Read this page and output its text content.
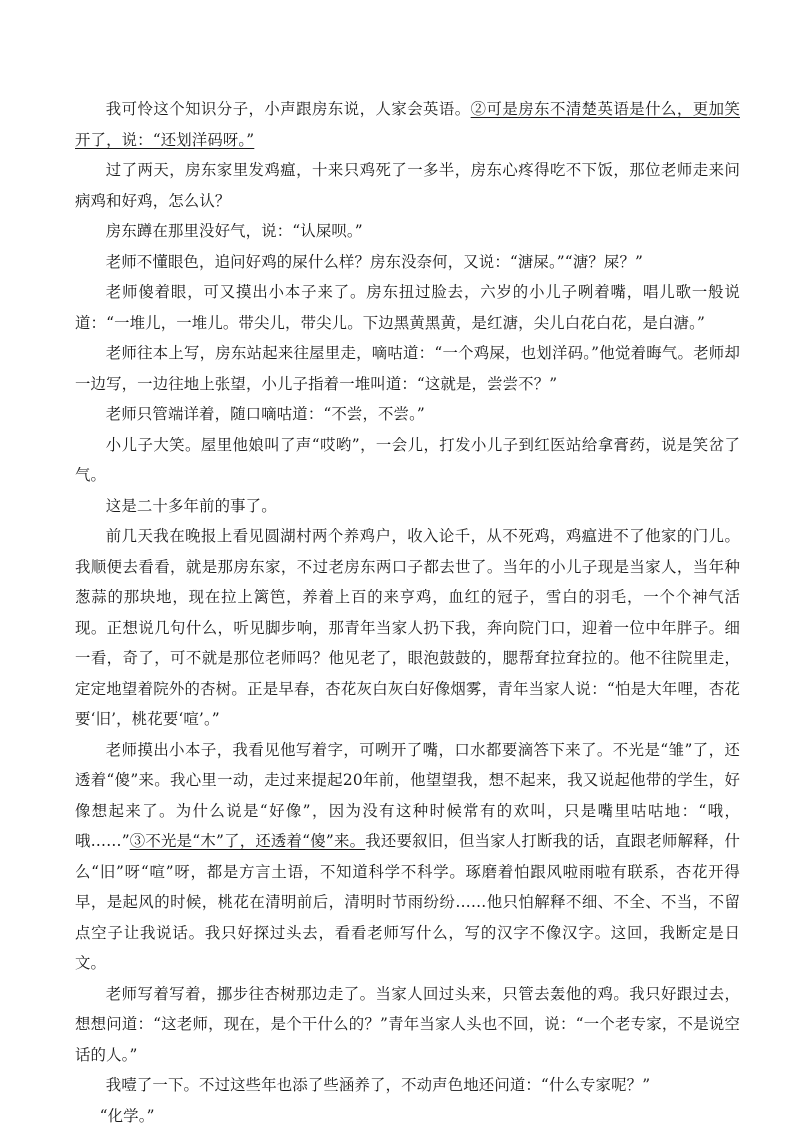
我可怜这个知识分子，小声跟房东说，人家会英语。②可是房东不清楚英语是什么，更加笑开了，说：“还划洋码呀。”

过了两天，房东家里发鸡瘟，十来只鸡死了一多半，房东心疼得吃不下饭，那位老师走来问病鸡和好鸡，怎么认？

房东蹲在那里没好气，说：“认屎呗。”

老师不懂眼色，追问好鸡的屎什么样？房东没奈何，又说：“溏屎。”“溏？屎？”

老师傻着眼，可又摸出小本子来了。房东扭过脸去，六岁的小儿子咧着嘴，唱儿歌一般说道：“一堆儿，一堆儿。带尖儿，带尖儿。下边黑黄黑黄，是红溏，尖儿白花白花，是白溏。”

老师往本上写，房东站起来往屋里走，嘀咕道：“一个鸡屎，也划洋码。”他觉着晦气。老师却一边写，一边往地上张望，小儿子指着一堆叫道：“这就是，尝尝不？”

老师只管端详着，随口嘀咕道：“不尝，不尝。”

小儿子大笑。屋里他娘叫了声“哎哟”，一会儿，打发小儿子到红医站给拿膏药，说是笑岔了气。

这是二十多年前的事了。

前几天我在晚报上看见圆湖村两个养鸡户，收入论千，从不死鸡，鸡瘟进不了他家的门儿。我顺便去看看，就是那房东家，不过老房东两口子都去世了。当年的小儿子现是当家人，当年种葱蒜的那块地，现在拉上篱笆，养着上百的来亨鸡，血红的冠子，雪白的羽毛，一个个神气活现。正想说几句什么，听见脚步响，那青年当家人扔下我，奔向院门口，迎着一位中年胖子。细一看，奇了，可不就是那位老师吗？他见老了，眼泡鼓鼓的，腮帮耷拉耷拉的。他不往院里走，定定地望着院外的杏树。正是早春，杏花灰白灰白好像烟雾，青年当家人说：“怕是大年哩，杏花要‘旧’，桃花要‘喧’。”

老师摸出小本子，我看见他写着字，可咧开了嘴，口水都要滴答下来了。不光是“雏”了，还透着“傻”来。我心里一动，走过来提起20年前，他望望我，想不起来，我又说起他带的学生，好像想起来了。为什么说是“好像”，因为没有这种时候常有的欢叫，只是嘴里咕咕地：“哦，哦……”③不光是“木”了，还透着“傻”来。我还要叙旧，但当家人打断我的话，直跟老师解释，什么“旧”呀“喧”呀，都是方言土语，不知道科学不科学。琢磨着怕跟风啦雨啦有联系，杏花开得早，是起风的时候，桃花在清明前后，清明时节雨纷纷……他只怕解释不细、不全、不当，不留点空子让我说话。我只好探过头去，看看老师写什么，写的汉字不像汉字。这回，我断定是日文。

老师写着写着，挪步往杏树那边走了。当家人回过头来，只管去轰他的鸡。我只好跟过去，想想问道：“这老师，现在，是个干什么的？”青年当家人头也不回，说：“一个老专家，不是说空话的人。”

我噎了一下。不过这些年也添了些涵养了，不动声色地还问道：“什么专家呢？”

“化学。”
